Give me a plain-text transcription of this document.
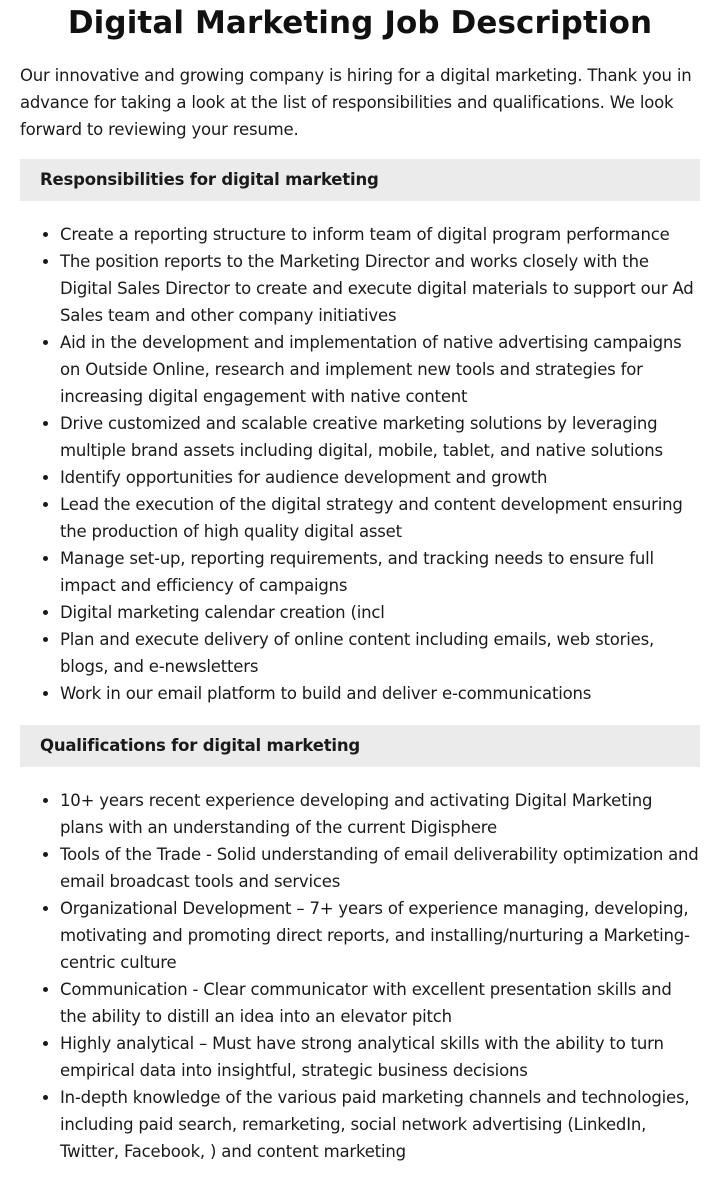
Digital Marketing Job Description

Our innovative and growing company is hiring for a digital marketing. Thank you in advance for taking a look at the list of responsibilities and qualifications. We look forward to reviewing your resume.

Responsibilities for digital marketing
• Create a reporting structure to inform team of digital program performance
• The position reports to the Marketing Director and works closely with the Digital Sales Director to create and execute digital materials to support our Ad Sales team and other company initiatives
• Aid in the development and implementation of native advertising campaigns on Outside Online, research and implement new tools and strategies for increasing digital engagement with native content
• Drive customized and scalable creative marketing solutions by leveraging multiple brand assets including digital, mobile, tablet, and native solutions
• Identify opportunities for audience development and growth
• Lead the execution of the digital strategy and content development ensuring the production of high quality digital asset
• Manage set-up, reporting requirements, and tracking needs to ensure full impact and efficiency of campaigns
• Digital marketing calendar creation (incl
• Plan and execute delivery of online content including emails, web stories, blogs, and e-newsletters
• Work in our email platform to build and deliver e-communications
Qualifications for digital marketing
• 10+ years recent experience developing and activating Digital Marketing plans with an understanding of the current Digisphere
• Tools of the Trade - Solid understanding of email deliverability optimization and email broadcast tools and services
• Organizational Development – 7+ years of experience managing, developing, motivating and promoting direct reports, and installing/nurturing a Marketing-centric culture
• Communication - Clear communicator with excellent presentation skills and the ability to distill an idea into an elevator pitch
• Highly analytical – Must have strong analytical skills with the ability to turn empirical data into insightful, strategic business decisions
• In-depth knowledge of the various paid marketing channels and technologies, including paid search, remarketing, social network advertising (LinkedIn, Twitter, Facebook, ) and content marketing
